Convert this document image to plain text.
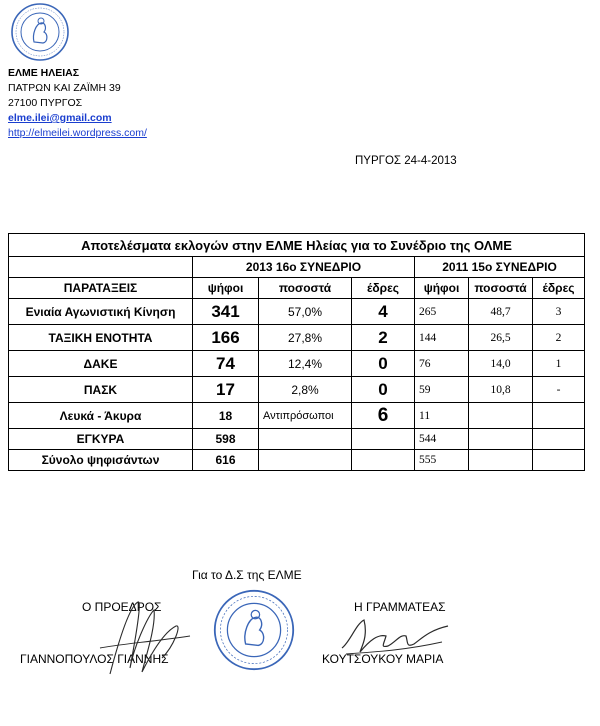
ΕΛΜΕ ΗΛΕΙΑΣ
ΠΑΤΡΩΝ ΚΑΙ ΖΑΪΜΗ 39
27100 ΠΥΡΓΟΣ
elme.ilei@gmail.com
http://elmeilei.wordpress.com/
ΠΥΡΓΟΣ 24-4-2013
Αποτελέσματα εκλογών στην ΕΛΜΕ Ηλείας για το Συνέδριο της ΟΛΜΕ						
	2013 16ο ΣΥΝΕΔΡΙΟ			2011 15ο ΣΥΝΕΔΡΙΟ		
ΠΑΡΑΤΑΞΕΙΣ	ψήφοι	ποσοστά	έδρες	ψήφοι	ποσοστά	έδρες
Ενιαία Αγωνιστική Κίνηση	341	57,0%	4	265	48,7	3
ΤΑΞΙΚΗ ΕΝΟΤΗΤΑ	166	27,8%	2	144	26,5	2
ΔΑΚΕ	74	12,4%	0	76	14,0	1
ΠΑΣΚ	17	2,8%	0	59	10,8	-
Λευκά - Άκυρα	18	Αντιπρόσωποι	6	11		
ΕΓΚΥΡΑ	598			544		
Σύνολο ψηφισάντων	616			555		
Για το Δ.Σ της ΕΛΜΕ
Ο ΠΡΟΕΔΡΟΣ
ΓΙΑΝΝΟΠΟΥΛΟΣ ΓΙΑΝΝΗΣ
Η ΓΡΑΜΜΑΤΕΑΣ
ΚΟΥΤΣΟΥΚΟΥ ΜΑΡΙΑ
